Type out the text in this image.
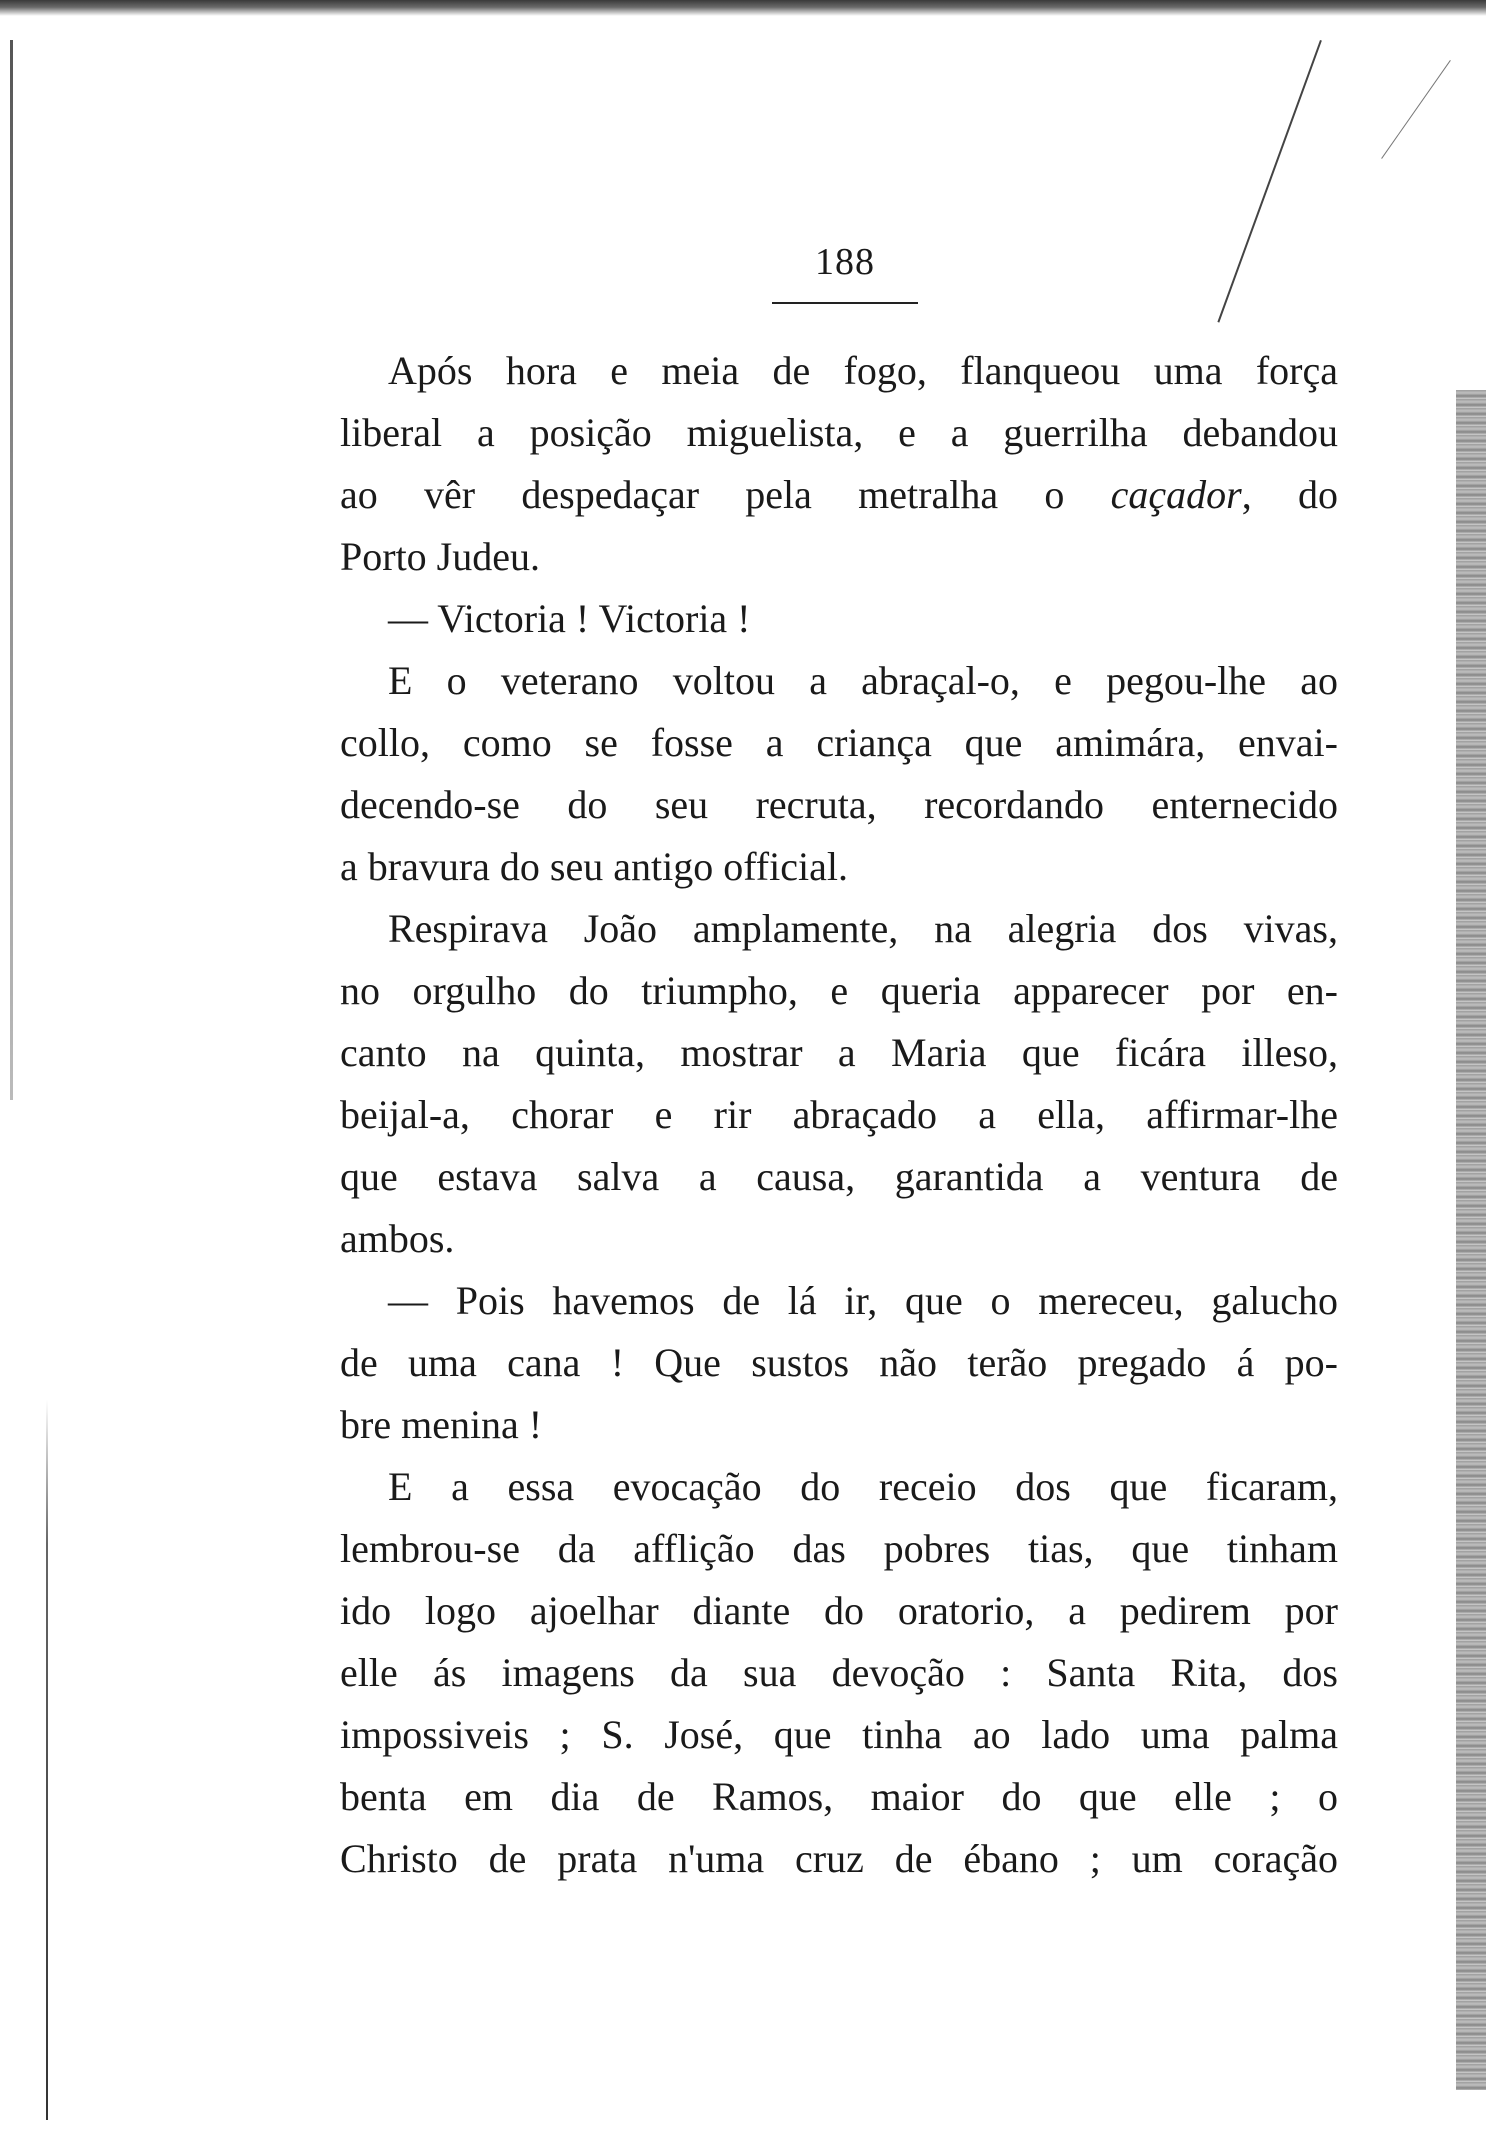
188
Após hora e meia de fogo, flanqueou uma força
liberal a posição miguelista, e a guerrilha debandou
ao vêr despedaçar pela metralha o caçador, do
Porto Judeu.
— Victoria ! Victoria !
E o veterano voltou a abraçal-o, e pegou-lhe ao
collo, como se fosse a criança que amimára, envai-
decendo-se do seu recruta, recordando enternecido
a bravura do seu antigo official.
Respirava João amplamente, na alegria dos vivas,
no orgulho do triumpho, e queria apparecer por en-
canto na quinta, mostrar a Maria que ficára illeso,
beijal-a, chorar e rir abraçado a ella, affirmar-lhe
que estava salva a causa, garantida a ventura de
ambos.
— Pois havemos de lá ir, que o mereceu, galucho
de uma cana ! Que sustos não terão pregado á po-
bre menina !
E a essa evocação do receio dos que ficaram,
lembrou-se da afflição das pobres tias, que tinham
ido logo ajoelhar diante do oratorio, a pedirem por
elle ás imagens da sua devoção : Santa Rita, dos
impossiveis ; S. José, que tinha ao lado uma palma
benta em dia de Ramos, maior do que elle ; o
Christo de prata n'uma cruz de ébano ; um coração
